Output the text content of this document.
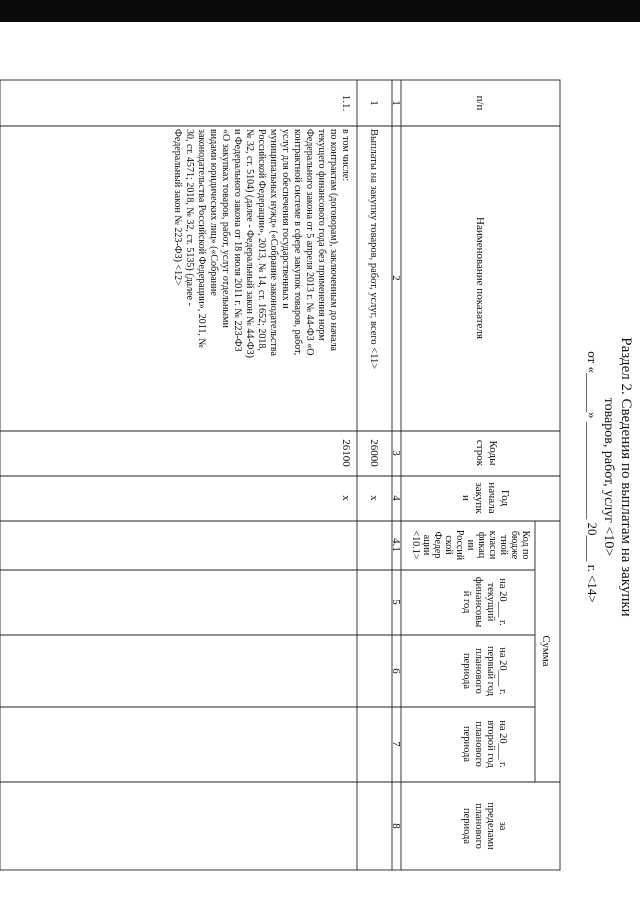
Раздел 2. Сведения по выплатам на закупки
товаров, работ, услуг <10>
от «______» _______________ 20____ г. <14>
п/п
Наименование показателя
Коды
строк
Год
начала
закупк
и
Код по
бюдже
тной
класси
фикац
ии
Россий
ской
Федер
ации
<10.1>
Сумма
на 20___ г.
текущий
финансовы
й год
на 20___ г.
первый год
планового
периода
на 20___ г.
второй год
планового
периода
за
пределами
планового
периода
1
2
3
4
4.1
5
6
7
8
1
Выплаты на закупку товаров, работ, услуг, всего <11>
26000
x
1.1.
в том числе:
по контрактам (договорам), заключенным до начала
текущего финансового года без применения норм
Федерального закона от 5 апреля 2013 г. № 44-ФЗ «О
контрактной системе в сфере закупок товаров, работ,
услуг для обеспечения государственных и
муниципальных нужд» («Собрание законодательства
Российской Федерации», 2013, № 14, ст. 1652; 2018,
№ 32, ст. 5104) (далее - Федеральный закон № 44-ФЗ)
и Федерального закона от 18 июля 2011 г. № 223-ФЗ
«О закупках товаров, работ, услуг отдельными
видами юридических лиц» («Собрание
законодательства Российской Федерации», 2011, №
30, ст. 4571; 2018, № 32, ст. 5135) (далее -
Федеральный закон № 223-ФЗ) <12>
26100
x
